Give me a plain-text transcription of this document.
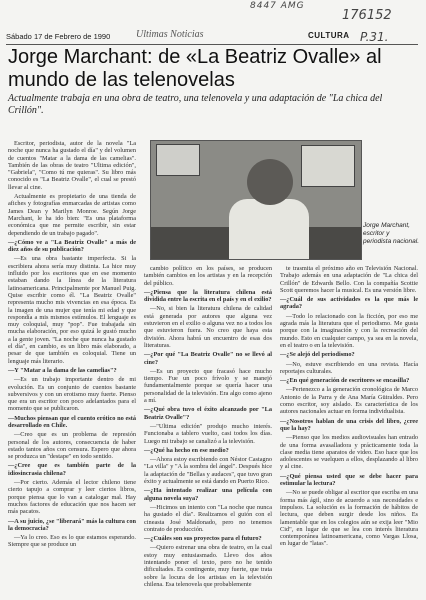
8447 AMG
176152
P.31.
Sábado 17 de Febrero de 1990	Ultimas Noticias	CULTURA
Jorge Marchant: de «La Beatriz Ovalle» al mundo de las telenovelas
Actualmente trabaja en una obra de teatro, una telenovela y una adaptación de "La chica del Crillón".
Jorge Marchant, escritor y periodista nacional.

Escritor, periodista, autor de la novela "La noche que nunca ha gustado el día" y del volumen de cuentos "Matar a la dama de las camelias". También de las obras de teatro "Ultima edición", "Gabriela", "Como tú me quieras". Su libro más conocido es "La Beatriz Ovalle", el cual se prestó llevar al cine.

Actualmente es propietario de una tienda de afiches y fotografías enmarcadas de artistas como James Dean y Marilyn Monroe. Según Jorge Marchant, le ha ido bien: "Es una plataforma económica que me permite escribir, sin estar dependiendo de un trabajo pagado".

—¿Cómo ve a "La Beatriz Ovalle" a más de diez años de su publicación?

—Es una obra bastante imperfecta. Si la escribiera ahora sería muy distinta. La hice muy influido por los escritores que en ese momento estaban dando la línea de la literatura latinoamericana. Principalmente por Manuel Puig. Quise escribir como él. "La Beatriz Ovalle" representa mucho mis vivencias en esa época. Es la imagen de una mujer que tenía mi edad y que respondía a mis mismos estímulos. El lenguaje es muy coloquial, muy "pop". Fue trabajada sin mucha elaboración, por eso quizá le gustó mucho a la gente joven. "La noche que nunca ha gustado el día", en cambio, es un libro más elaborado, a pesar de que también es coloquial. Tiene un lenguaje más literario.

—Y "Matar a la dama de las camelias"?

—Es un trabajo importante dentro de mi evolución. Es un conjunto de cuentos bastante subversivos y con un erotismo muy fuerte. Pienso que era un escritor con poco adelantados para el momento que se publicaron.

—Muchos piensan que el cuento erótico no está desarrollado en Chile.

—Creo que es un problema de represión personal de los autores, consecuencia de haber estado tantos años con censura. Espero que ahora se produzca un "destape" en todo sentido.

—¿Cree que es también parte de la idiosincrasia chilena?

—Por cierto. Además el lector chileno tiene cierto tapujo a comprar y leer ciertos libros, porque piensa que lo van a catalogar mal. Hay muchos factores de educación que nos hacen ser más pacatos.

—A su juicio, ¿se "liberará" más la cultura con la democracia?

—Ya lo creo. Eso es lo que estamos esperando. Siempre que se produce un

cambio político en los países, se producen también cambios en los artistas y en la recepción del público.

—¿Piensa que la literatura chilena está dividida entre la escrita en el país y en el exilio?

—No, si bien la literatura chilena de calidad está generada por autores que alguna vez estuvieron en el exilio o alguna vez no a todos los que estuvieron fuera. No creo que haya esta división. Ahora habrá un encuentro de esas dos literaturas.

—¿Por qué "La Beatriz Ovalle" no se llevó al cine?

—Es un proyecto que fracasó hace mucho tiempo. Fue un poco frívolo y se manejó fundamentalmente porque se quería hacer una personalidad de la televisión. Era algo como ajeno a mí.

—¿Qué obra tuvo el éxito alcanzado por "La Beatriz Ovalle"?

—"Ultima edición" produjo mucho interés. Funcionaba a tablero vuelto, casi todos los días. Luego mi trabajo se canalizó a la televisión.

—¿Qué ha hecho en ese medio?

—Ahora estoy escribiendo con Néstor Castagno "La villa" y "A la sombra del ángel". Después hice la adaptación de "Bellas y audaces", que tuvo gran éxito y actualmente se está dando en Puerto Rico.

—¿Ha intentado realizar una película con alguna novela suya?

—Hicimos un intento con "La noche que nunca ha gustado el día". Realizamos el guión con el cineasta José Maldonado, pero no tenemos contrato de producción.

—¿Cuáles son sus proyectos para el futuro?

—Quiero estrenar una obra de teatro, en la cual estoy muy entusiasmado. Llevo dos años intentando poner el texto, pero no he tenido dificultades. Es contingente, muy fuerte, que trata sobre la locura de los artistas en la televisión chilena. Esa telenovela que probablemente

te trasmita el próximo año en Televisión Nacional. Trabajo además en una adaptación de "La chica del Crillón" de Edwards Bello. Con la compañía Scottie Scott queremos hacer la musical. Es una versión libre.

—¿Cuál de sus actividades es la que más le agrada?

—Todo lo relacionado con la ficción, por eso me agrada más la literatura que el periodismo. Me gusta porque con la imaginación y con la recreación del mundo. Esto en cualquier campo, ya sea en la novela, en el teatro o en la televisión.

—¿Se alejó del periodismo?

—No, estuve escribiendo en una revista. Hacía reportajes culturales.

—¿En qué generación de escritores se encasilla?

—Pertenezco a la generación cronológica de Marco Antonio de la Parra y de Ana María Güiraldes. Pero como escritor, soy aislado. Es característica de los autores nacionales actuar en forma individualista.

—¿Nosotros hablan de una crisis del libro, ¿cree que la hay?

—Pienso que los medios audiovisuales han entrado de una forma avasalladora y prácticamente toda la clase media tiene aparatos de video. Eso hace que los adolescentes se vuelquen a ellos, desplazando al libro y al cine.

—¿Qué piensa usted que se debe hacer para estimular la lectura?

—No se puede obligar al escritor que escriba en una forma más ágil, sino de acuerdo a sus necesidades e impulsos. La solución es la formación de hábitos de lectura, que deben surgir desde los niños. Es lamentable que en los colegios aún se exija leer "Mio Cid", en lugar de que se lea con interés literatura contemporánea latinoamericana, como Vargas Llosa, en lugar de "latas".
